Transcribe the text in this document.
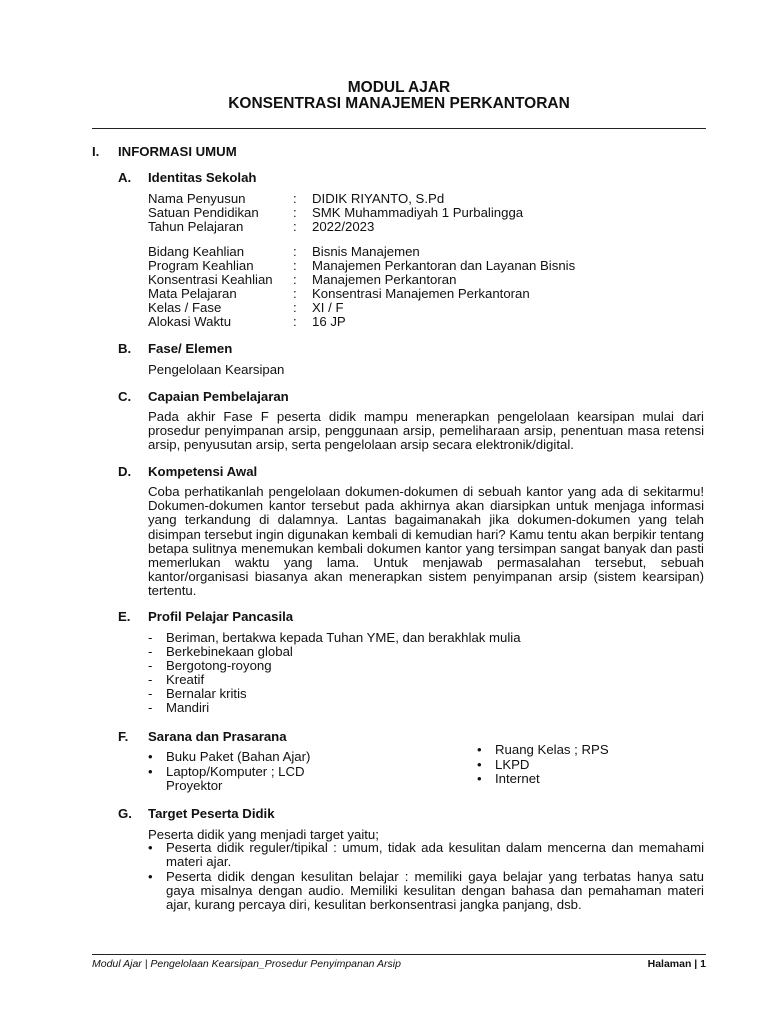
MODUL AJAR
KONSENTRASI MANAJEMEN PERKANTORAN
I. INFORMASI UMUM
A. Identitas Sekolah
Nama Penyusun	: DIDIK RIYANTO, S.Pd
Satuan Pendidikan	: SMK Muhammadiyah 1 Purbalingga
Tahun Pelajaran	: 2022/2023
Bidang Keahlian	: Bisnis Manajemen
Program Keahlian	: Manajemen Perkantoran dan Layanan Bisnis
Konsentrasi Keahlian : Manajemen Perkantoran
Mata Pelajaran	: Konsentrasi Manajemen Perkantoran
Kelas / Fase	: XI / F
Alokasi Waktu	: 16 JP
B. Fase/ Elemen
Pengelolaan Kearsipan
C. Capaian Pembelajaran
Pada akhir Fase F peserta didik mampu menerapkan pengelolaan kearsipan mulai dari prosedur penyimpanan arsip, penggunaan arsip, pemeliharaan arsip, penentuan masa retensi arsip, penyusutan arsip, serta pengelolaan arsip secara elektronik/digital.
D. Kompetensi Awal
Coba perhatikanlah pengelolaan dokumen-dokumen di sebuah kantor yang ada di sekitarmu! Dokumen-dokumen kantor tersebut pada akhirnya akan diarsipkan untuk menjaga informasi yang terkandung di dalamnya. Lantas bagaimanakah jika dokumen-dokumen yang telah disimpan tersebut ingin digunakan kembali di kemudian hari? Kamu tentu akan berpikir tentang betapa sulitnya menemukan kembali dokumen kantor yang tersimpan sangat banyak dan pasti memerlukan waktu yang lama. Untuk menjawab permasalahan tersebut, sebuah kantor/organisasi biasanya akan menerapkan sistem penyimpanan arsip (sistem kearsipan) tertentu.
E. Profil Pelajar Pancasila
- Beriman, bertakwa kepada Tuhan YME, dan berakhlak mulia
- Berkebinekaan global
- Bergotong-royong
- Kreatif
- Bernalar kritis
- Mandiri
F. Sarana dan Prasarana
• Buku Paket (Bahan Ajar)
• Laptop/Komputer ; LCD Proyektor
• Ruang Kelas ; RPS
• LKPD
• Internet
G. Target Peserta Didik
Peserta didik yang menjadi target yaitu;
• Peserta didik reguler/tipikal : umum, tidak ada kesulitan dalam mencerna dan memahami materi ajar.
• Peserta didik dengan kesulitan belajar : memiliki gaya belajar yang terbatas hanya satu gaya misalnya dengan audio. Memiliki kesulitan dengan bahasa dan pemahaman materi ajar, kurang percaya diri, kesulitan berkonsentrasi jangka panjang, dsb.
Modul Ajar | Pengelolaan Kearsipan_Prosedur Penyimpanan Arsip	Halaman | 1
